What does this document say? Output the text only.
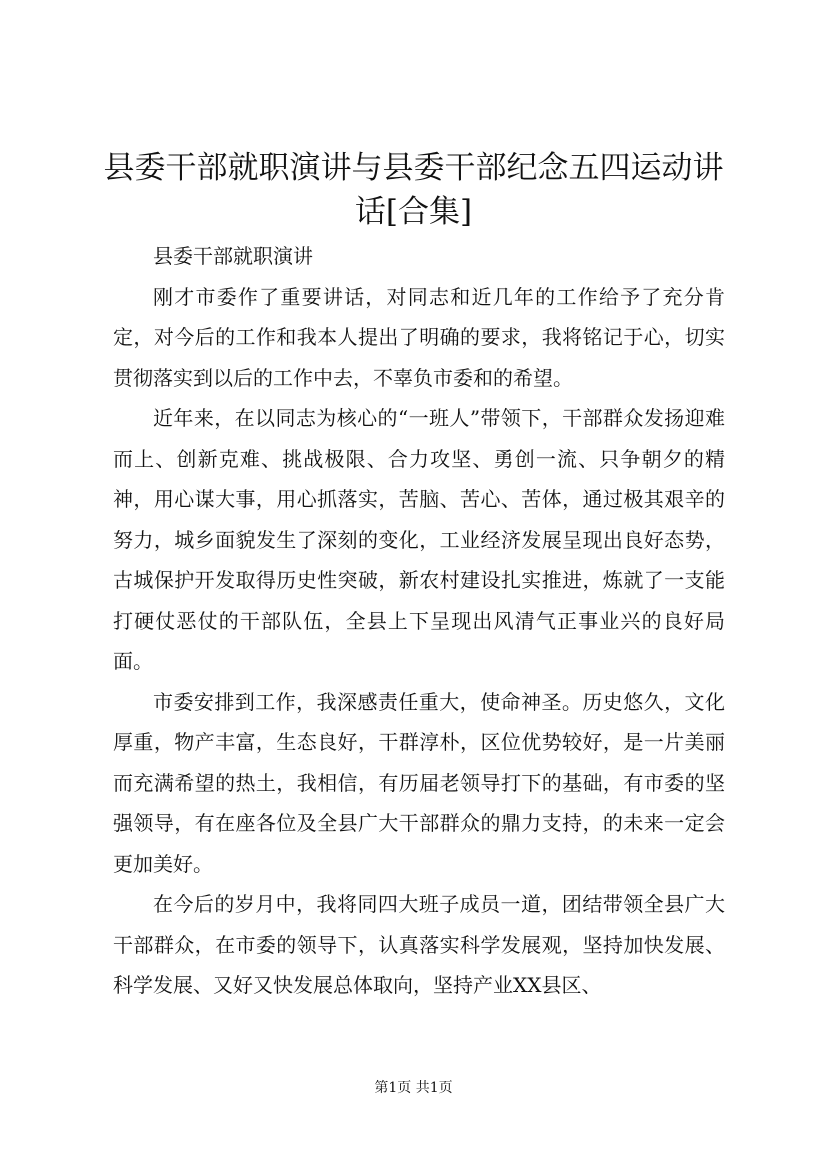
县委干部就职演讲与县委干部纪念五四运动讲话[合集]

县委干部就职演讲

刚才市委作了重要讲话，对同志和近几年的工作给予了充分肯定，对今后的工作和我本人提出了明确的要求，我将铭记于心，切实贯彻落实到以后的工作中去，不辜负市委和的希望。

近年来，在以同志为核心的“一班人”带领下，干部群众发扬迎难而上、创新克难、挑战极限、合力攻坚、勇创一流、只争朝夕的精神，用心谋大事，用心抓落实，苦脑、苦心、苦体，通过极其艰辛的努力，城乡面貌发生了深刻的变化，工业经济发展呈现出良好态势，古城保护开发取得历史性突破，新农村建设扎实推进，炼就了一支能打硬仗恶仗的干部队伍，全县上下呈现出风清气正事业兴的良好局面。

市委安排到工作，我深感责任重大，使命神圣。历史悠久，文化厚重，物产丰富，生态良好，干群淳朴，区位优势较好，是一片美丽而充满希望的热土，我相信，有历届老领导打下的基础，有市委的坚强领导，有在座各位及全县广大干部群众的鼎力支持，的未来一定会更加美好。

在今后的岁月中，我将同四大班子成员一道，团结带领全县广大干部群众，在市委的领导下，认真落实科学发展观，坚持加快发展、科学发展、又好又快发展总体取向，坚持产业XX县区、

第1页 共1页
